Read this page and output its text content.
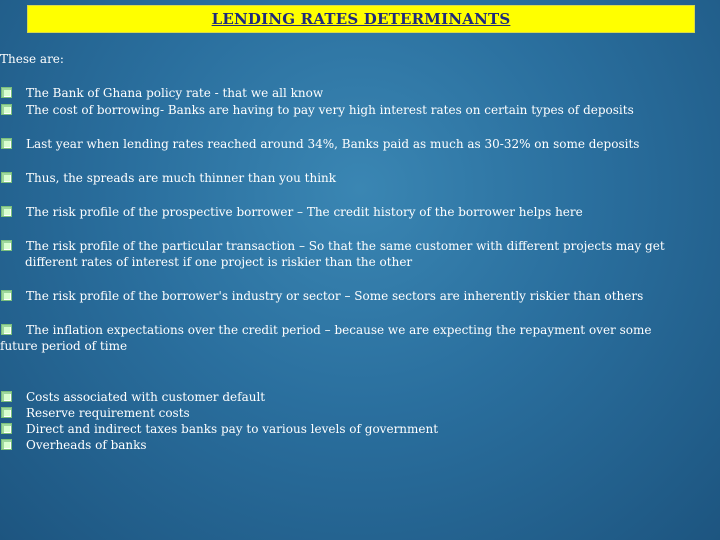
LENDING RATES DETERMINANTS
These are:
The Bank of Ghana policy rate - that we all know
The cost of borrowing- Banks are having to pay very high interest rates on certain types of deposits
Last year when lending rates reached around 34%, Banks paid as much as 30-32% on some deposits
Thus, the spreads are much thinner than you think
The risk profile of the prospective borrower – The credit history of the borrower helps here
The risk profile of the particular transaction – So that the same customer with different projects may get
different rates of interest if one project is riskier than the other
The risk profile of the borrower's industry or sector – Some sectors are inherently riskier than others
The inflation expectations over the credit period – because we are expecting the repayment over some
future period of time
Costs associated with customer default
Reserve requirement costs
Direct and indirect taxes banks pay to various levels of government
Overheads of banks
